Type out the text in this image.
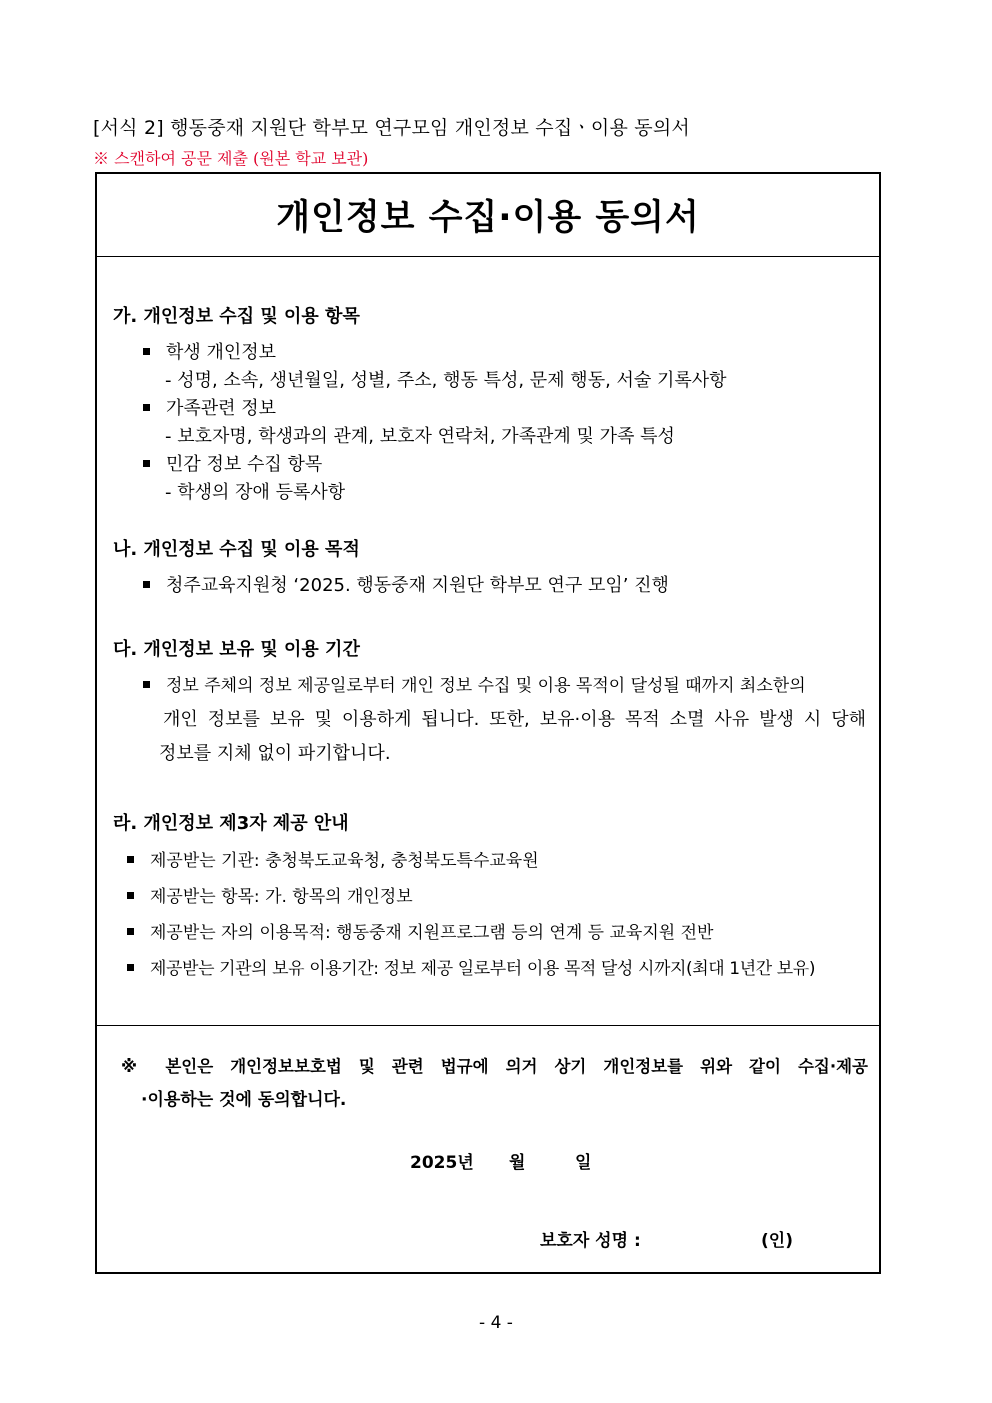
[서식 2] 행동중재 지원단 학부모 연구모임 개인정보 수집ㆍ이용 동의서
※ 스캔하여 공문 제출 (원본 학교 보관)
개인정보 수집·이용 동의서
가. 개인정보 수집 및 이용 항목
학생 개인정보
- 성명, 소속, 생년월일, 성별, 주소, 행동 특성, 문제 행동, 서술 기록사항
가족관련 정보
- 보호자명, 학생과의 관계, 보호자 연락처, 가족관계 및 가족 특성
민감 정보 수집 항목
- 학생의 장애 등록사항
나. 개인정보 수집 및 이용 목적
청주교육지원청 ‘2025. 행동중재 지원단 학부모 연구 모임’ 진행
다. 개인정보 보유 및 이용 기간
정보 주체의 정보 제공일로부터 개인 정보 수집 및 이용 목적이 달성될 때까지 최소한의
개인 정보를 보유 및 이용하게 됩니다. 또한, 보유·이용 목적 소멸 사유 발생 시 당해
정보를 지체 없이 파기합니다.
라. 개인정보 제3자 제공 안내
제공받는 기관: 충청북도교육청, 충청북도특수교육원
제공받는 항목: 가. 항목의 개인정보
제공받는 자의 이용목적: 행동중재 지원프로그램 등의 연계 등 교육지원 전반
제공받는 기관의 보유 이용기간: 정보 제공 일로부터 이용 목적 달성 시까지(최대 1년간 보유)
※ 본인은 개인정보보호법 및 관련 법규에 의거 상기 개인정보를 위와 같이 수집·제공
·이용하는 것에 동의합니다.
2025년 월	일
보호자 성명 :	(인)
- 4 -
